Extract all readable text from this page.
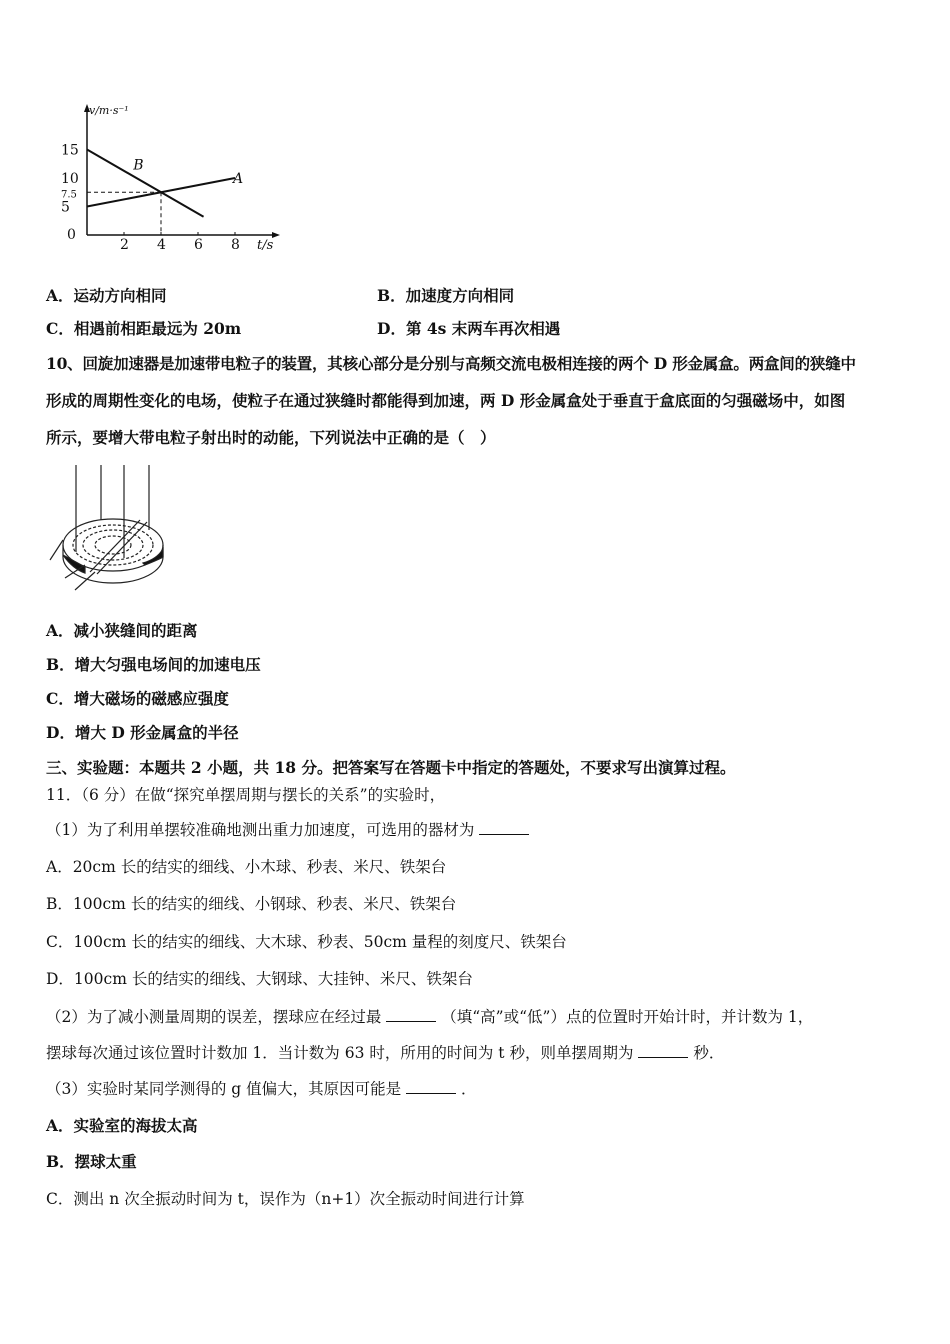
v/m·s⁻¹
t/s
0
2 4 6 8
15
10
7.5
5
A
B
A．运动方向相同	B．加速度方向相同
C．相遇前相距最远为 20m	D．第 4s 末两车再次相遇
10、回旋加速器是加速带电粒子的装置，其核心部分是分别与高频交流电极相连接的两个 D 形金属盒。两盒间的狭缝中
形成的周期性变化的电场，使粒子在通过狭缝时都能得到加速，两 D 形金属盒处于垂直于盒底面的匀强磁场中，如图
所示，要增大带电粒子射出时的动能，下列说法中正确的是（　）
A．减小狭缝间的距离
B．增大匀强电场间的加速电压
C．增大磁场的磁感应强度
D．增大 D 形金属盒的半径
三、实验题：本题共 2 小题，共 18 分。把答案写在答题卡中指定的答题处，不要求写出演算过程。
11．（6 分）在做“探究单摆周期与摆长的关系”的实验时，
（1）为了利用单摆较准确地测出重力加速度，可选用的器材为
A．20cm 长的结实的细线、小木球、秒表、米尺、铁架台
B．100cm 长的结实的细线、小钢球、秒表、米尺、铁架台
C．100cm 长的结实的细线、大木球、秒表、50cm 量程的刻度尺、铁架台
D．100cm 长的结实的细线、大钢球、大挂钟、米尺、铁架台
（2）为了减小测量周期的误差，摆球应在经过最	（填“高”或“低”）点的位置时开始计时，并计数为 1，
摆球每次通过该位置时计数加 1．当计数为 63 时，所用的时间为 t 秒，则单摆周期为	秒．
（3）实验时某同学测得的 g 值偏大，其原因可能是	．
A．实验室的海拔太高
B．摆球太重
C．测出 n 次全振动时间为 t，误作为（n+1）次全振动时间进行计算
